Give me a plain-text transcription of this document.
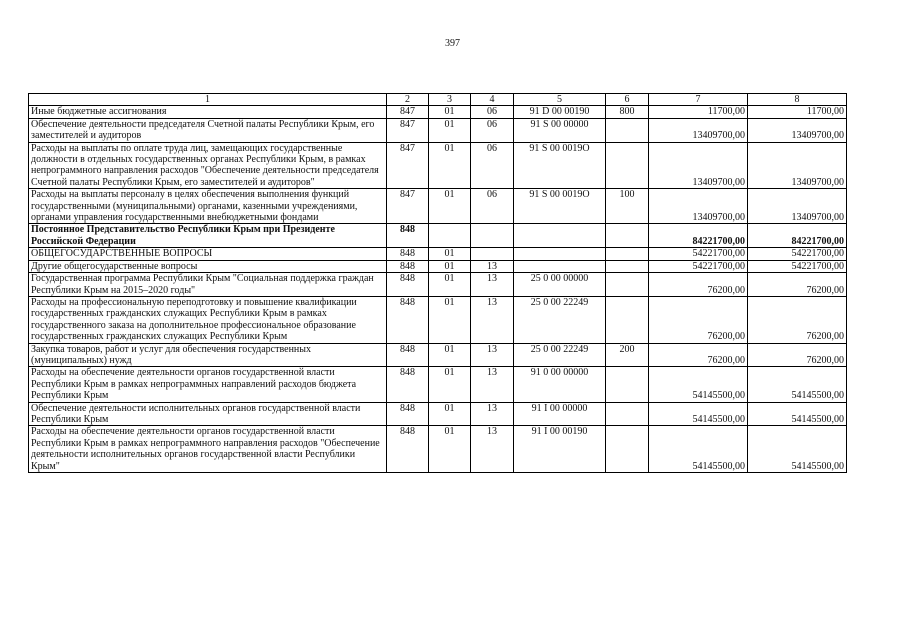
397
1	2	3	4	5	6	7	8
Иные бюджетные ассигнования	847	01	06	91 D 00 00190	800	11700,00	11700,00
Обеспечение деятельности председателя Счетной палаты Республики Крым, его заместителей и аудиторов	847	01	06	91 S 00 00000		13409700,00	13409700,00
Расходы на выплаты по оплате труда лиц, замещающих государственные должности в отдельных государственных органах Республики Крым, в рамках непрограммного направления расходов "Обеспечение деятельности председателя Счетной палаты Республики Крым, его заместителей и аудиторов"	847	01	06	91 S 00 0019O		13409700,00	13409700,00
Расходы на выплаты персоналу в целях обеспечения выполнения функций государственными (муниципальными) органами, казенными учреждениями, органами управления государственными внебюджетными фондами	847	01	06	91 S 00 0019O	100	13409700,00	13409700,00
Постоянное Представительство Республики Крым при Президенте Российской Федерации	848					84221700,00	84221700,00
ОБЩЕГОСУДАРСТВЕННЫЕ ВОПРОСЫ	848	01				54221700,00	54221700,00
Другие общегосударственные вопросы	848	01	13			54221700,00	54221700,00
Государственная программа Республики Крым "Социальная поддержка граждан Республики Крым на 2015–2020 годы"	848	01	13	25 0 00 00000		76200,00	76200,00
Расходы на профессиональную переподготовку и повышение квалификации государственных гражданских служащих Республики Крым в рамках государственного заказа на дополнительное профессиональное образование государственных гражданских служащих Республики Крым	848	01	13	25 0 00 22249		76200,00	76200,00
Закупка товаров, работ и услуг для обеспечения государственных (муниципальных) нужд	848	01	13	25 0 00 22249	200	76200,00	76200,00
Расходы на обеспечение деятельности органов государственной власти Республики Крым в рамках непрограммных направлений расходов бюджета Республики Крым	848	01	13	91 0 00 00000		54145500,00	54145500,00
Обеспечение деятельности исполнительных органов государственной власти Республики Крым	848	01	13	91 I 00 00000		54145500,00	54145500,00
Расходы на обеспечение деятельности органов государственной власти Республики Крым в рамках непрограммного направления расходов "Обеспечение деятельности исполнительных органов государственной власти Республики Крым"	848	01	13	91 I 00 00190		54145500,00	54145500,00
